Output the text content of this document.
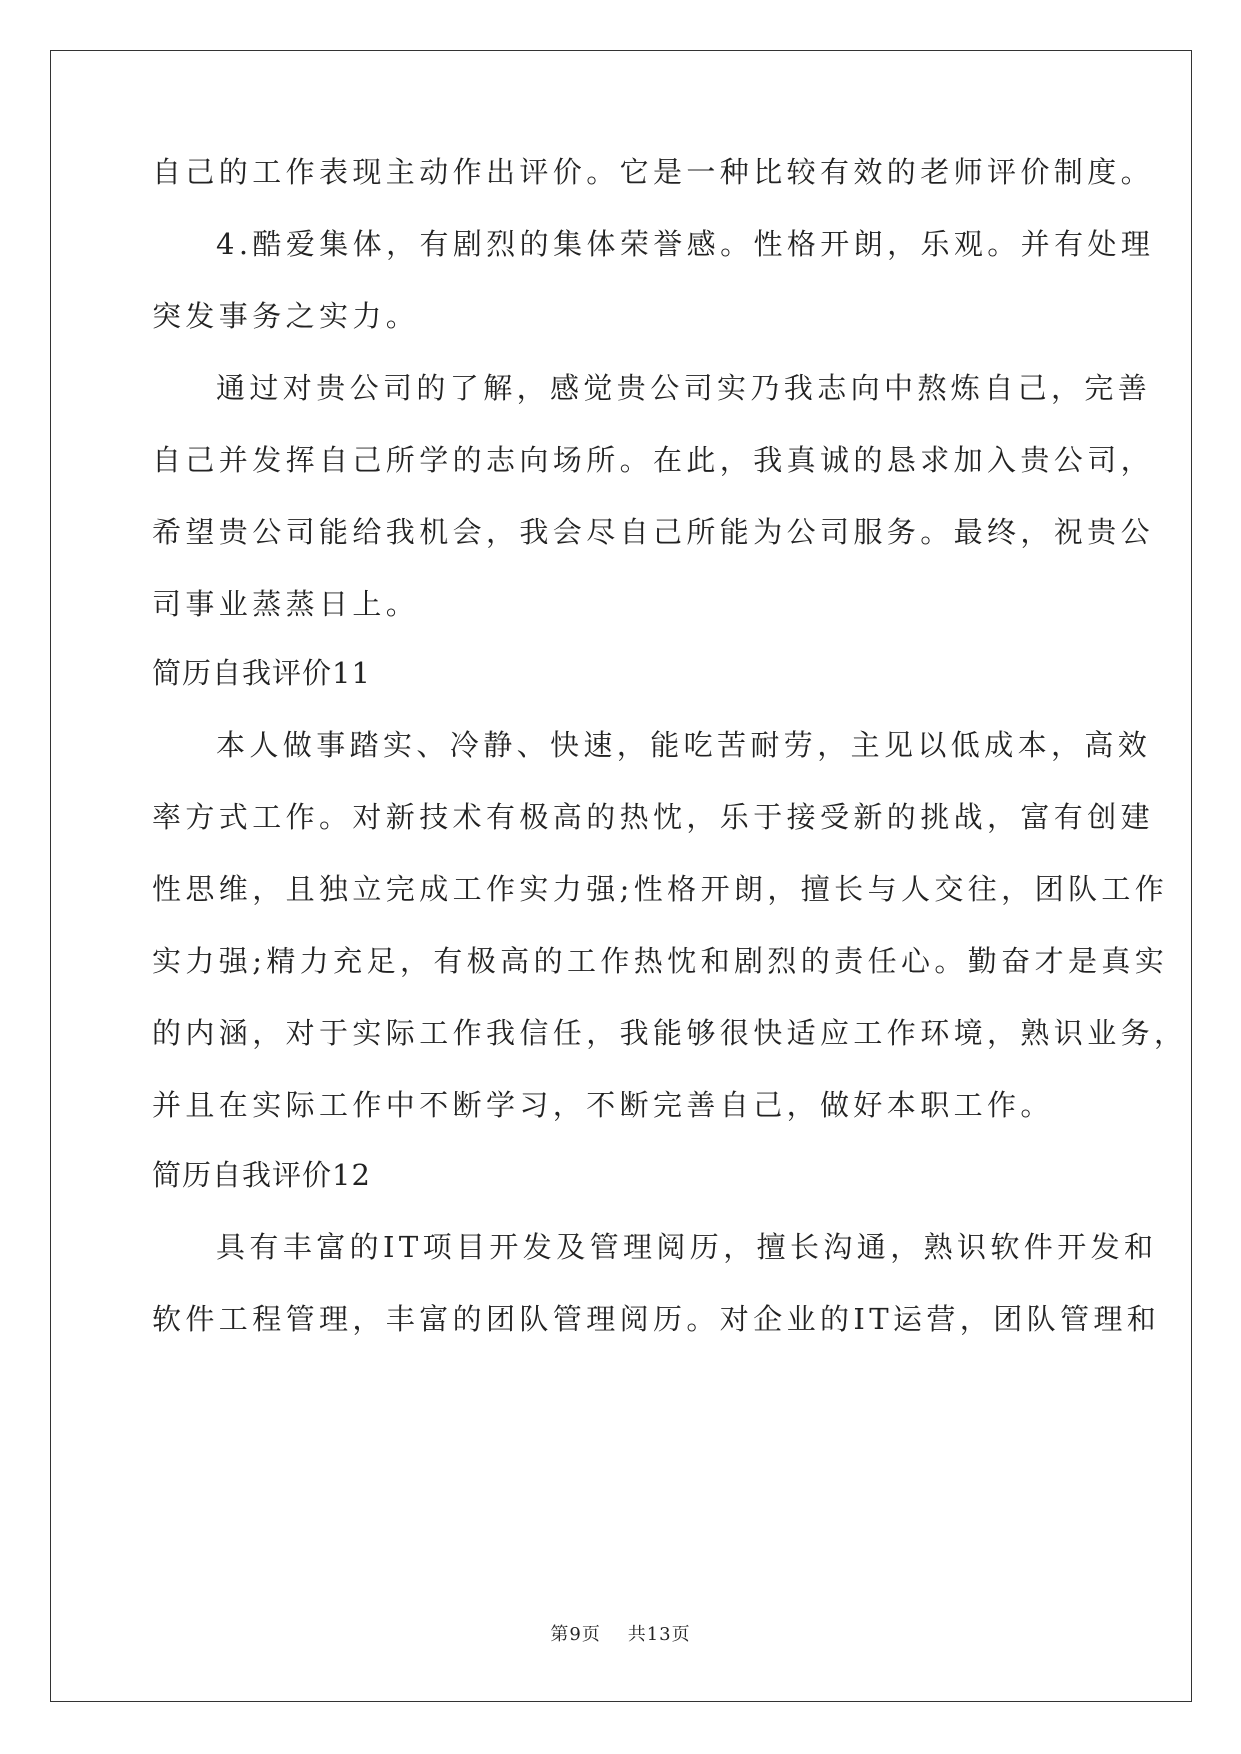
自己的工作表现主动作出评价。它是一种比较有效的老师评价制度。
4.酷爱集体，有剧烈的集体荣誉感。性格开朗，乐观。并有处理
突发事务之实力。
通过对贵公司的了解，感觉贵公司实乃我志向中熬炼自己，完善
自己并发挥自己所学的志向场所。在此，我真诚的恳求加入贵公司，
希望贵公司能给我机会，我会尽自己所能为公司服务。最终，祝贵公
司事业蒸蒸日上。
简历自我评价11
本人做事踏实、冷静、快速，能吃苦耐劳，主见以低成本，高效
率方式工作。对新技术有极高的热忱，乐于接受新的挑战，富有创建
性思维，且独立完成工作实力强;性格开朗，擅长与人交往，团队工作
实力强;精力充足，有极高的工作热忱和剧烈的责任心。勤奋才是真实
的内涵，对于实际工作我信任，我能够很快适应工作环境，熟识业务，
并且在实际工作中不断学习，不断完善自己，做好本职工作。
简历自我评价12
具有丰富的IT项目开发及管理阅历，擅长沟通，熟识软件开发和
软件工程管理，丰富的团队管理阅历。对企业的IT运营，团队管理和
第9页 共13页
